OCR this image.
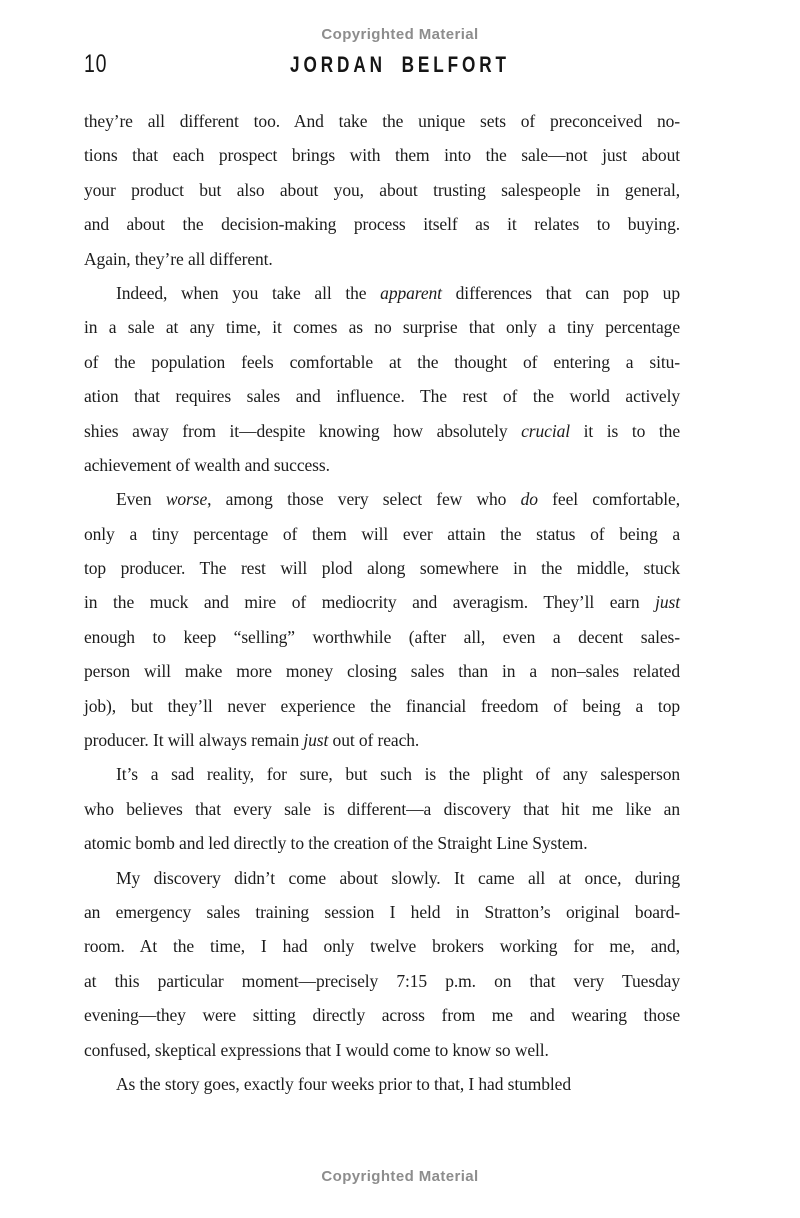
Copyrighted Material
10	JORDAN BELFORT
they’re all different too. And take the unique sets of preconceived no-
tions that each prospect brings with them into the sale—not just about
your product but also about you, about trusting salespeople in general,
and about the decision-making process itself as it relates to buying.
Again, they’re all different.
Indeed, when you take all the apparent differences that can pop up
in a sale at any time, it comes as no surprise that only a tiny percentage
of the population feels comfortable at the thought of entering a situ-
ation that requires sales and influence. The rest of the world actively
shies away from it—despite knowing how absolutely crucial it is to the
achievement of wealth and success.
Even worse, among those very select few who do feel comfortable,
only a tiny percentage of them will ever attain the status of being a
top producer. The rest will plod along somewhere in the middle, stuck
in the muck and mire of mediocrity and averagism. They’ll earn just
enough to keep “selling” worthwhile (after all, even a decent sales-
person will make more money closing sales than in a non–sales related
job), but they’ll never experience the financial freedom of being a top
producer. It will always remain just out of reach.
It’s a sad reality, for sure, but such is the plight of any salesperson
who believes that every sale is different—a discovery that hit me like an
atomic bomb and led directly to the creation of the Straight Line System.
My discovery didn’t come about slowly. It came all at once, during
an emergency sales training session I held in Stratton’s original board-
room. At the time, I had only twelve brokers working for me, and,
at this particular moment—precisely 7:15 p.m. on that very Tuesday
evening—they were sitting directly across from me and wearing those
confused, skeptical expressions that I would come to know so well.
As the story goes, exactly four weeks prior to that, I had stumbled
Copyrighted Material
